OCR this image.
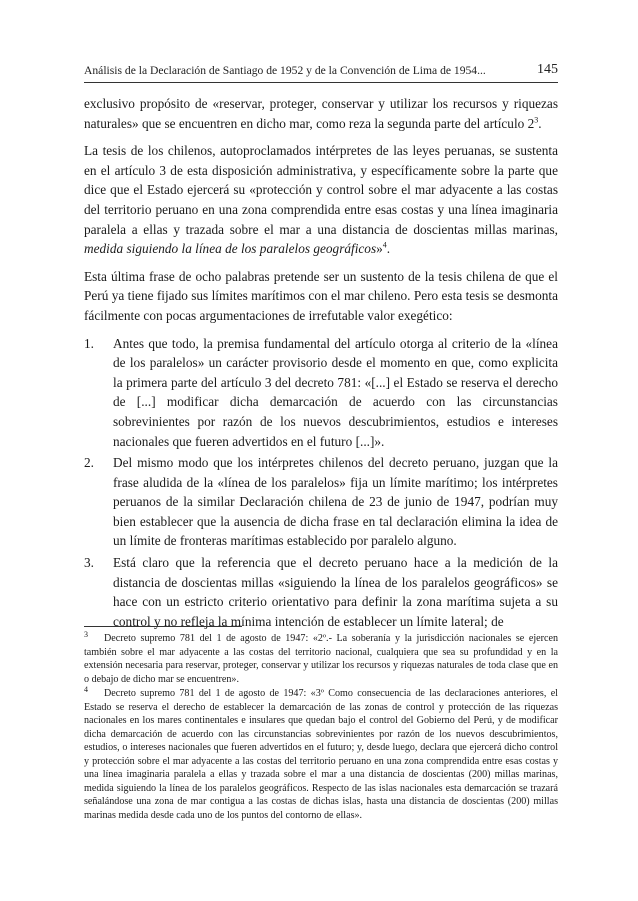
Análisis de la Declaración de Santiago de 1952 y de la Convención de Lima de 1954...	145

exclusivo propósito de «reservar, proteger, conservar y utilizar los recursos y riquezas naturales» que se encuentren en dicho mar, como reza la segunda parte del artículo $2^3$.

La tesis de los chilenos, autoproclamados intérpretes de las leyes peruanas, se sustenta en el artículo 3 de esta disposición administrativa, y específicamente sobre la parte que dice que el Estado ejercerá su «protección y control sobre el mar adyacente a las costas del territorio peruano en una zona comprendida entre esas costas y una línea imaginaria paralela a ellas y trazada sobre el mar a una distancia de doscientas millas marinas, medida siguiendo la línea de los paralelos geográficos»$^4$.

Esta última frase de ocho palabras pretende ser un sustento de la tesis chilena de que el Perú ya tiene fijado sus límites marítimos con el mar chileno. Pero esta tesis se desmonta fácilmente con pocas argumentaciones de irrefutable valor exegético:

1. Antes que todo, la premisa fundamental del artículo otorga al criterio de la «línea de los paralelos» un carácter provisorio desde el momento en que, como explicita la primera parte del artículo 3 del decreto 781: «[...] el Estado se reserva el derecho de [...] modificar dicha demarcación de acuerdo con las circunstancias sobrevinientes por razón de los nuevos descubrimientos, estudios e intereses nacionales que fueren advertidos en el futuro [...]».
2. Del mismo modo que los intérpretes chilenos del decreto peruano, juzgan que la frase aludida de la «línea de los paralelos» fija un límite marítimo; los intérpretes peruanos de la similar Declaración chilena de 23 de junio de 1947, podrían muy bien establecer que la ausencia de dicha frase en tal declaración elimina la idea de un límite de fronteras marítimas establecido por paralelo alguno.
3. Está claro que la referencia que el decreto peruano hace a la medición de la distancia de doscientas millas «siguiendo la línea de los paralelos geográficos» se hace con un estricto criterio orientativo para definir la zona marítima sujeta a su control y no refleja la mínima intención de establecer un límite lateral; de

3 Decreto supremo 781 del 1 de agosto de 1947: «2º.- La soberanía y la jurisdicción nacionales se ejercen también sobre el mar adyacente a las costas del territorio nacional, cualquiera que sea su profundidad y en la extensión necesaria para reservar, proteger, conservar y utilizar los recursos y riquezas naturales de toda clase que en o debajo de dicho mar se encuentren».

4 Decreto supremo 781 del 1 de agosto de 1947: «3º Como consecuencia de las declaraciones anteriores, el Estado se reserva el derecho de establecer la demarcación de las zonas de control y protección de las riquezas nacionales en los mares continentales e insulares que quedan bajo el control del Gobierno del Perú, y de modificar dicha demarcación de acuerdo con las circunstancias sobrevinientes por razón de los nuevos descubrimientos, estudios, o intereses nacionales que fueren advertidos en el futuro; y, desde luego, declara que ejercerá dicho control y protección sobre el mar adyacente a las costas del territorio peruano en una zona comprendida entre esas costas y una línea imaginaria paralela a ellas y trazada sobre el mar a una distancia de doscientas (200) millas marinas, medida siguiendo la línea de los paralelos geográficos. Respecto de las islas nacionales esta demarcación se trazará señalándose una zona de mar contigua a las costas de dichas islas, hasta una distancia de doscientas (200) millas marinas medida desde cada uno de los puntos del contorno de ellas».
